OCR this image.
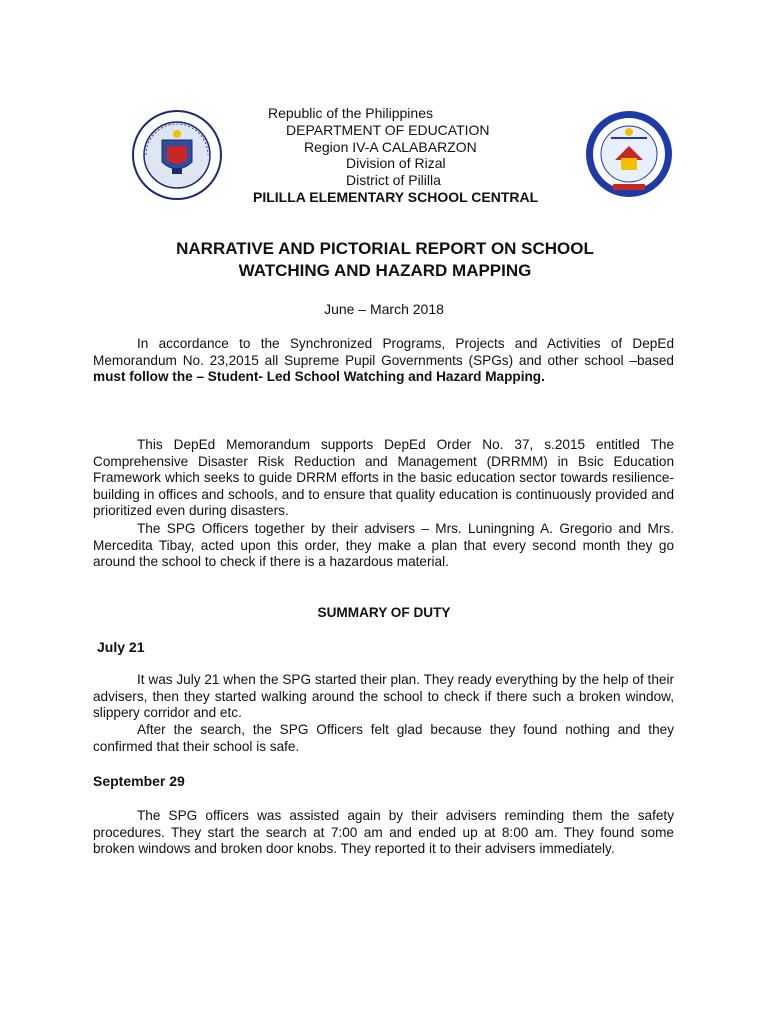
Republic of the Philippines
DEPARTMENT OF EDUCATION
Region IV-A CALABARZON
Division of Rizal
District of Pililla
PILILLA ELEMENTARY SCHOOL CENTRAL
NARRATIVE AND PICTORIAL REPORT ON SCHOOL
WATCHING AND HAZARD MAPPING
June – March 2018
In accordance to the Synchronized Programs, Projects and Activities of DepEd Memorandum No. 23,2015 all Supreme Pupil Governments (SPGs) and other school –based must follow the – Student- Led School Watching and Hazard Mapping.
This DepEd Memorandum supports DepEd Order No. 37, s.2015 entitled The Comprehensive Disaster Risk Reduction and Management (DRRMM) in Bsic Education Framework which seeks to guide DRRM efforts in the basic education sector towards resilience-building in offices and schools, and to ensure that quality education is continuously provided and prioritized even during disasters.
The SPG Officers together by their advisers – Mrs. Luningning A. Gregorio and Mrs. Mercedita Tibay, acted upon this order, they make a plan that every second month they go around the school to check if there is a hazardous material.
SUMMARY OF DUTY
July 21
It was July 21 when the SPG started their plan. They ready everything by the help of their advisers, then they started walking around the school to check if there such a broken window, slippery corridor and etc.
After the search, the SPG Officers felt glad because they found nothing and they confirmed that their school is safe.
September 29
The SPG officers was assisted again by their advisers reminding them the safety procedures. They start the search at 7:00 am and ended up at 8:00 am. They found some broken windows and broken door knobs. They reported it to their advisers immediately.
